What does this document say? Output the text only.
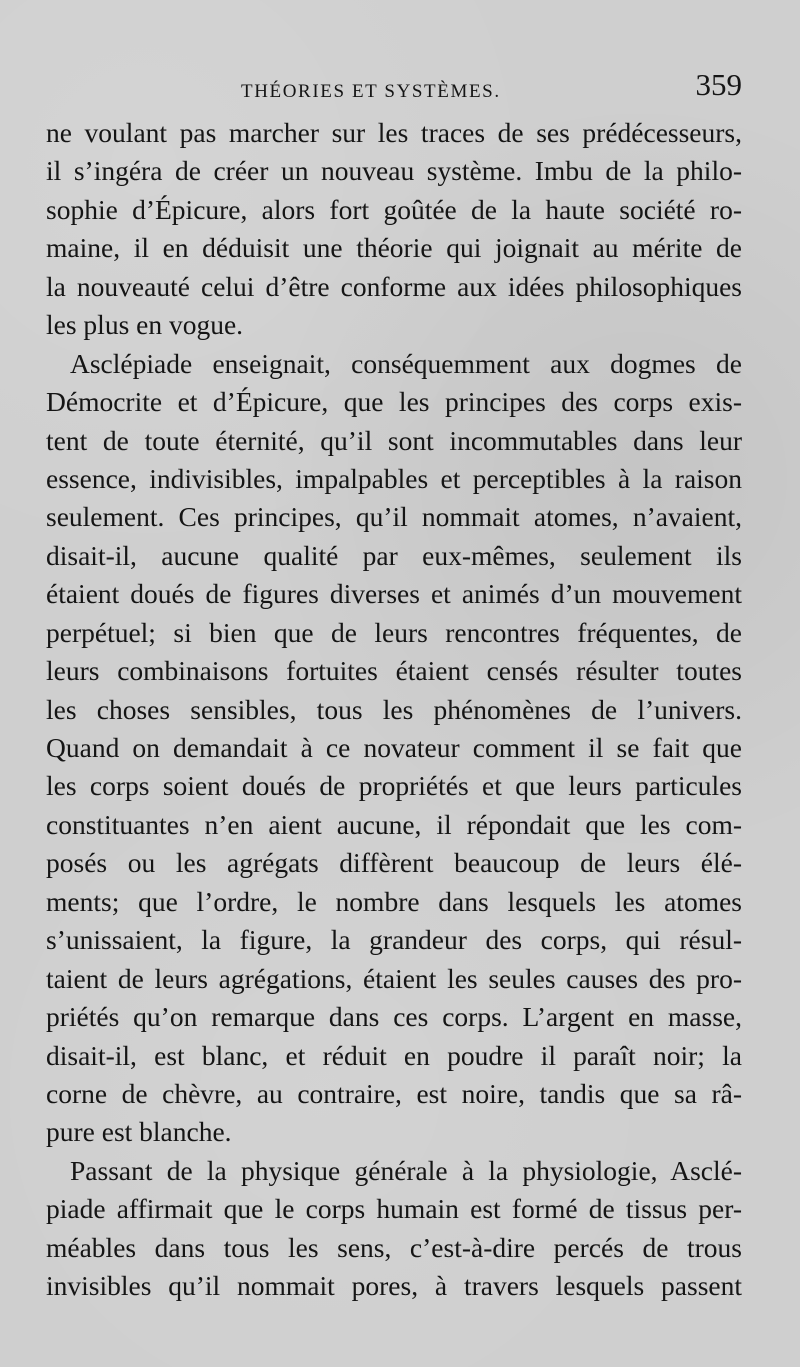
THÉORIES ET SYSTÈMES.	359
ne voulant pas marcher sur les traces de ses prédécesseurs,
il s’ingéra de créer un nouveau système. Imbu de la philo-
sophie d’Épicure, alors fort goûtée de la haute société ro-
maine, il en déduisit une théorie qui joignait au mérite de
la nouveauté celui d’être conforme aux idées philosophiques
les plus en vogue.
Asclépiade enseignait, conséquemment aux dogmes de
Démocrite et d’Épicure, que les principes des corps exis-
tent de toute éternité, qu’il sont incommutables dans leur
essence, indivisibles, impalpables et perceptibles à la raison
seulement. Ces principes, qu’il nommait atomes, n’avaient,
disait-il, aucune qualité par eux-mêmes, seulement ils
étaient doués de figures diverses et animés d’un mouvement
perpétuel; si bien que de leurs rencontres fréquentes, de
leurs combinaisons fortuites étaient censés résulter toutes
les choses sensibles, tous les phénomènes de l’univers.
Quand on demandait à ce novateur comment il se fait que
les corps soient doués de propriétés et que leurs particules
constituantes n’en aient aucune, il répondait que les com-
posés ou les agrégats diffèrent beaucoup de leurs élé-
ments; que l’ordre, le nombre dans lesquels les atomes
s’unissaient, la figure, la grandeur des corps, qui résul-
taient de leurs agrégations, étaient les seules causes des pro-
priétés qu’on remarque dans ces corps. L’argent en masse,
disait-il, est blanc, et réduit en poudre il paraît noir; la
corne de chèvre, au contraire, est noire, tandis que sa râ-
pure est blanche.
Passant de la physique générale à la physiologie, Asclé-
piade affirmait que le corps humain est formé de tissus per-
méables dans tous les sens, c’est-à-dire percés de trous
invisibles qu’il nommait pores, à travers lesquels passent
